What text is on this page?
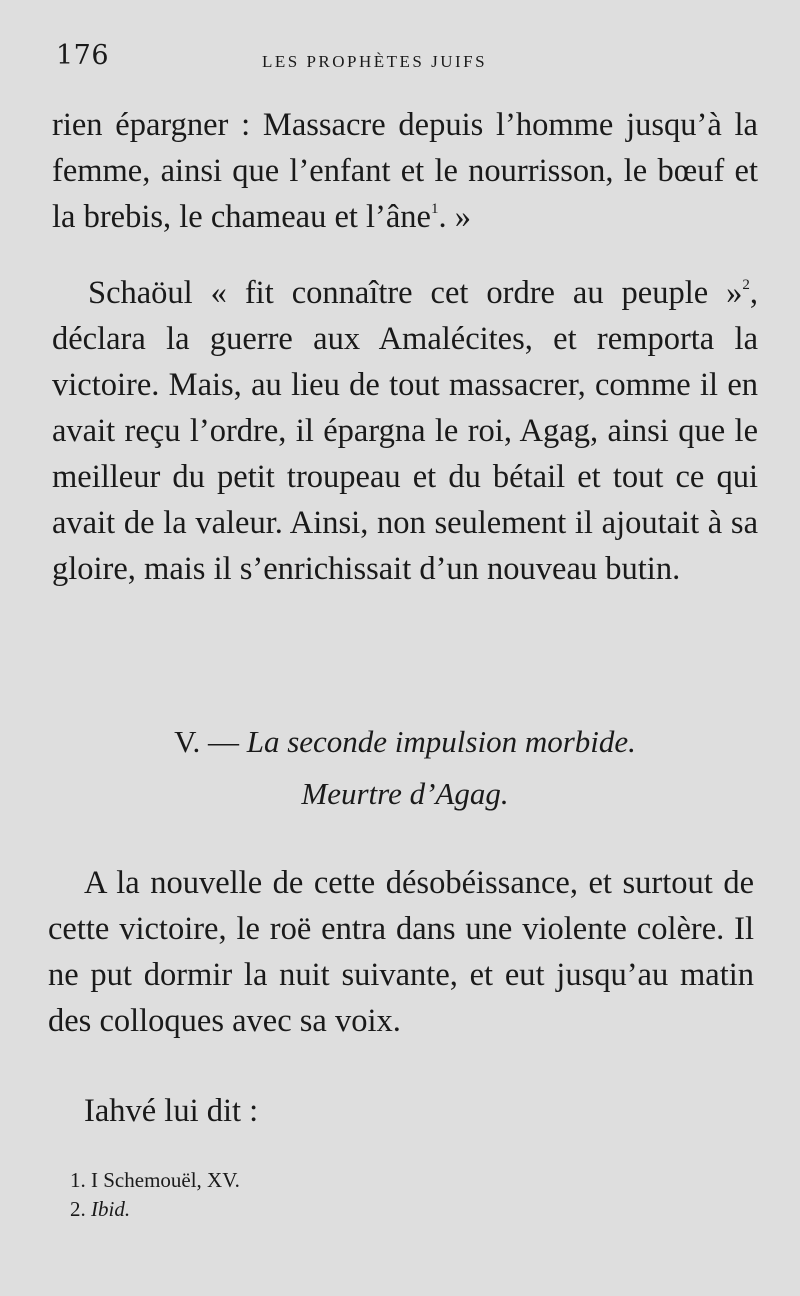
176	LES PROPHÈTES JUIFS

rien épargner : Massacre depuis l’homme jusqu’à la femme, ainsi que l’enfant et le nourrisson, le bœuf et la brebis, le chameau et l’âne$^1$. »

Schaöul « fit connaître cet ordre au peuple »$^2$, déclara la guerre aux Amalécites, et remporta la victoire. Mais, au lieu de tout massacrer, comme il en avait reçu l’ordre, il épargna le roi, Agag, ainsi que le meilleur du petit troupeau et du bétail et tout ce qui avait de la valeur. Ainsi, non seulement il ajoutait à sa gloire, mais il s’enrichissait d’un nouveau butin.

V. — La seconde impulsion morbide.
Meurtre d’Agag.

A la nouvelle de cette désobéissance, et surtout de cette victoire, le roë entra dans une violente colère. Il ne put dormir la nuit suivante, et eut jusqu’au matin des colloques avec sa voix.

Iahvé lui dit :

1. I Schemouël, XV.
2. Ibid.
